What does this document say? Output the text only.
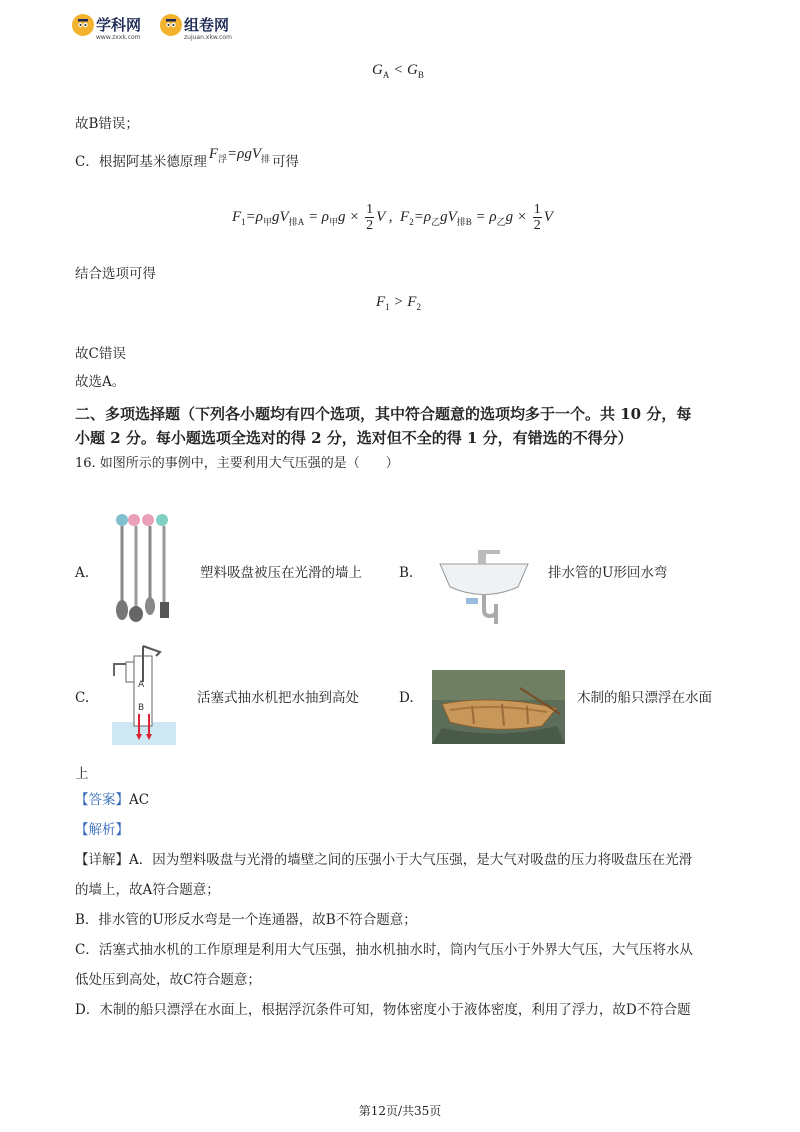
学科网
www.zxxk.com
组卷网
zujuan.xkw.com
$G_A < G_B$
故B错误；
C．根据阿基米德原理 $F_浮=\rho gV_排$ 可得
$F_1=\rho_甲gV_{排A} = \rho_甲g \times \frac{1}{2}$ V ,  $F_2=\rho_乙gV_{排B} = \rho_乙g \times \frac{1}{2}$ V
结合选项可得
$F_1 > F_2$
故C错误
故选A。
二、多项选择题（下列各小题均有四个选项，其中符合题意的选项均多于一个。共 10 分，每
小题 2 分。每小题选项全选对的得 2 分，选对但不全的得 1 分，有错选的不得分）
16. 如图所示的事例中，主要利用大气压强的是（　　）
A.	塑料吸盘被压在光滑的墙上	B.	排水管的U形回水弯
C.
A
B
活塞式抽水机把水抽到高处	D.	木制的船只漂浮在水面
上
【答案】AC
【解析】
【详解】A．因为塑料吸盘与光滑的墙壁之间的压强小于大气压强，是大气对吸盘的压力将吸盘压在光滑
的墙上，故A符合题意；
B．排水管的U形反水弯是一个连通器，故B不符合题意；
C．活塞式抽水机的工作原理是利用大气压强，抽水机抽水时，筒内气压小于外界大气压，大气压将水从
低处压到高处，故C符合题意；
D．木制的船只漂浮在水面上，根据浮沉条件可知，物体密度小于液体密度，利用了浮力，故D不符合题
第12页/共35页
